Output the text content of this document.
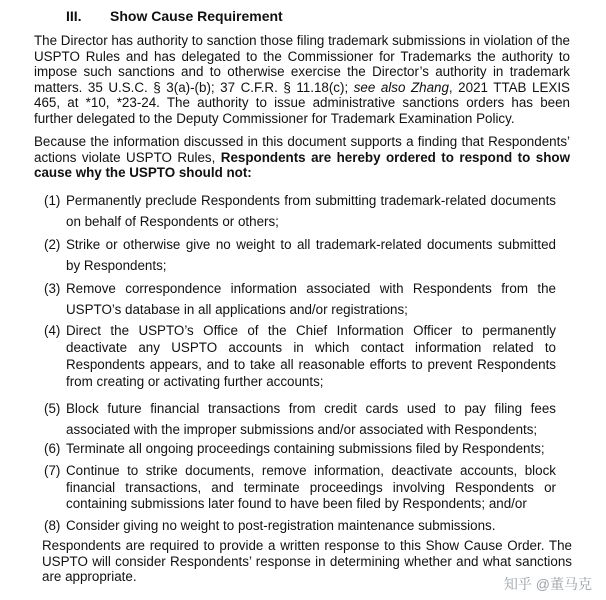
III. Show Cause Requirement

The Director has authority to sanction those filing trademark submissions in violation of the USPTO Rules and has delegated to the Commissioner for Trademarks the authority to impose such sanctions and to otherwise exercise the Director’s authority in trademark matters. 35 U.S.C. § 3(a)-(b); 37 C.F.R. § 11.18(c); see also Zhang, 2021 TTAB LEXIS 465, at *10, *23-24. The authority to issue administrative sanctions orders has been further delegated to the Deputy Commissioner for Trademark Examination Policy.

Because the information discussed in this document supports a finding that Respondents’ actions violate USPTO Rules, Respondents are hereby ordered to respond to show cause why the USPTO should not:

(1) Permanently preclude Respondents from submitting trademark-related documents on behalf of Respondents or others;
(2) Strike or otherwise give no weight to all trademark-related documents submitted by Respondents;
(3) Remove correspondence information associated with Respondents from the USPTO’s database in all applications and/or registrations;
(4) Direct the USPTO’s Office of the Chief Information Officer to permanently deactivate any USPTO accounts in which contact information related to Respondents appears, and to take all reasonable efforts to prevent Respondents from creating or activating further accounts;
(5) Block future financial transactions from credit cards used to pay filing fees associated with the improper submissions and/or associated with Respondents;
(6) Terminate all ongoing proceedings containing submissions filed by Respondents;
(7) Continue to strike documents, remove information, deactivate accounts, block financial transactions, and terminate proceedings involving Respondents or containing submissions later found to have been filed by Respondents; and/or
(8) Consider giving no weight to post-registration maintenance submissions.

Respondents are required to provide a written response to this Show Cause Order. The USPTO will consider Respondents’ response in determining whether and what sanctions are appropriate.	知乎 @董马克
